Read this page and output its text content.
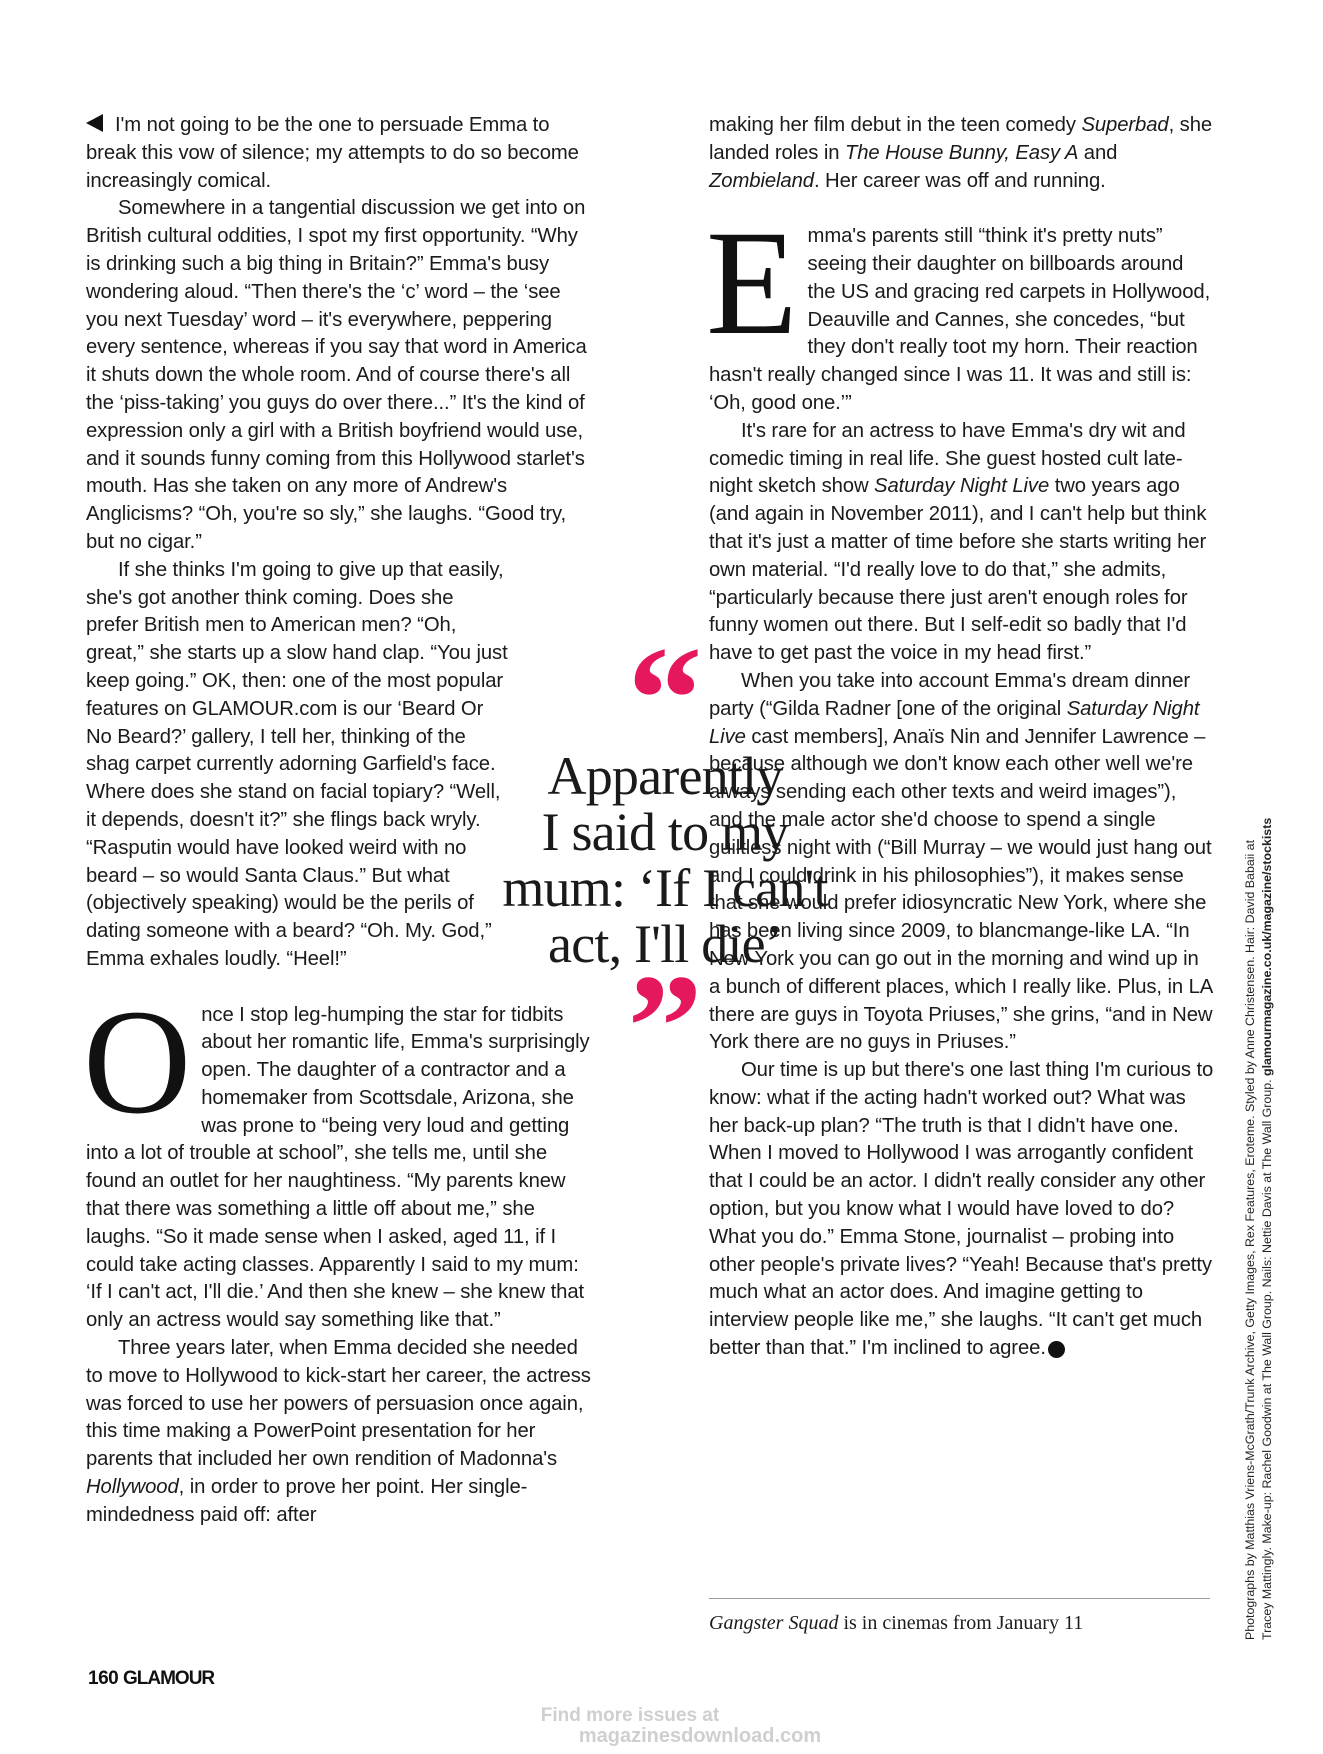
I'm not going to be the one to persuade Emma to break this vow of silence; my attempts to do so become increasingly comical.

Somewhere in a tangential discussion we get into on British cultural oddities, I spot my first opportunity. “Why is drinking such a big thing in Britain?” Emma's busy wondering aloud. “Then there's the ‘c’ word – the ‘see you next Tuesday’ word – it's everywhere, peppering every sentence, whereas if you say that word in America it shuts down the whole room. And of course there's all the ‘piss-taking’ you guys do over there...” It's the kind of expression only a girl with a British boyfriend would use, and it sounds funny coming from this Hollywood starlet's mouth. Has she taken on any more of Andrew's Anglicisms? “Oh, you're so sly,” she laughs. “Good try, but no cigar.”

If she thinks I'm going to give up that easily, she's got another think coming. Does she prefer British men to American men? “Oh, great,” she starts up a slow hand clap. “You just keep going.” OK, then: one of the most popular features on GLAMOUR.com is our ‘Beard Or No Beard?’ gallery, I tell her, thinking of the shag carpet currently adorning Garfield's face. Where does she stand on facial topiary? “Well, it depends, doesn't it?” she flings back wryly. “Rasputin would have looked weird with no beard – so would Santa Claus.” But what (objectively speaking) would be the perils of dating someone with a beard? “Oh. My. God,” Emma exhales loudly. “Heel!”

Once I stop leg-humping the star for tidbits about her romantic life, Emma's surprisingly open. The daughter of a contractor and a homemaker from Scottsdale, Arizona, she was prone to “being very loud and getting into a lot of trouble at school”, she tells me, until she found an outlet for her naughtiness. “My parents knew that there was something a little off about me,” she laughs. “So it made sense when I asked, aged 11, if I could take acting classes. Apparently I said to my mum: ‘If I can't act, I'll die.’ And then she knew – she knew that only an actress would say something like that.”

Three years later, when Emma decided she needed to move to Hollywood to kick-start her career, the actress was forced to use her powers of persuasion once again, this time making a PowerPoint presentation for her parents that included her own rendition of Madonna's Hollywood, in order to prove her point. Her single-mindedness paid off: after

making her film debut in the teen comedy Superbad, she landed roles in The House Bunny, Easy A and Zombieland. Her career was off and running.

Emma's parents still “think it's pretty nuts” seeing their daughter on billboards around the US and gracing red carpets in Hollywood, Deauville and Cannes, she concedes, “but they don't really toot my horn. Their reaction hasn't really changed since I was 11. It was and still is: ‘Oh, good one.’”

It's rare for an actress to have Emma's dry wit and comedic timing in real life. She guest hosted cult late-night sketch show Saturday Night Live two years ago (and again in November 2011), and I can't help but think that it's just a matter of time before she starts writing her own material. “I'd really love to do that,” she admits, “particularly because there just aren't enough roles for funny women out there. But I self-edit so badly that I'd have to get past the voice in my head first.”

When you take into account Emma's dream dinner party (“Gilda Radner [one of the original Saturday Night Live cast members], Anaïs Nin and Jennifer Lawrence – because although we don't know each other well we're always sending each other texts and weird images”), and the male actor she'd choose to spend a single guiltless night with (“Bill Murray – we would just hang out and I could drink in his philosophies”), it makes sense that she would prefer idiosyncratic New York, where she has been living since 2009, to blancmange-like LA. “In New York you can go out in the morning and wind up in a bunch of different places, which I really like. Plus, in LA there are guys in Toyota Priuses,” she grins, “and in New York there are no guys in Priuses.”

Our time is up but there's one last thing I'm curious to know: what if the acting hadn't worked out? What was her back-up plan? “The truth is that I didn't have one. When I moved to Hollywood I was arrogantly confident that I could be an actor. I didn't really consider any other option, but you know what I would have loved to do? What you do.” Emma Stone, journalist – probing into other people's private lives? “Yeah! Because that's pretty much what an actor does. And imagine getting to interview people like me,” she laughs. “It can't get much better than that.” I'm inclined to agree.	G

“
Apparently
I said to my
mum: ‘If I can't
act, I'll die’
”
Gangster Squad is in cinemas from January 11
160 GLAMOUR
Photographs by Matthias Vriens-McGrath/Trunk Archive, Getty Images, Rex Features, Eroteme. Styled by Anne Christensen. Hair: David Babaii at Tracey Mattingly. Make-up: Rachel Goodwin at The Wall Group. Nails: Nettie Davis at The Wall Group. glamourmagazine.co.uk/magazine/stockists
Find more issues at
magazinesdownload.com
